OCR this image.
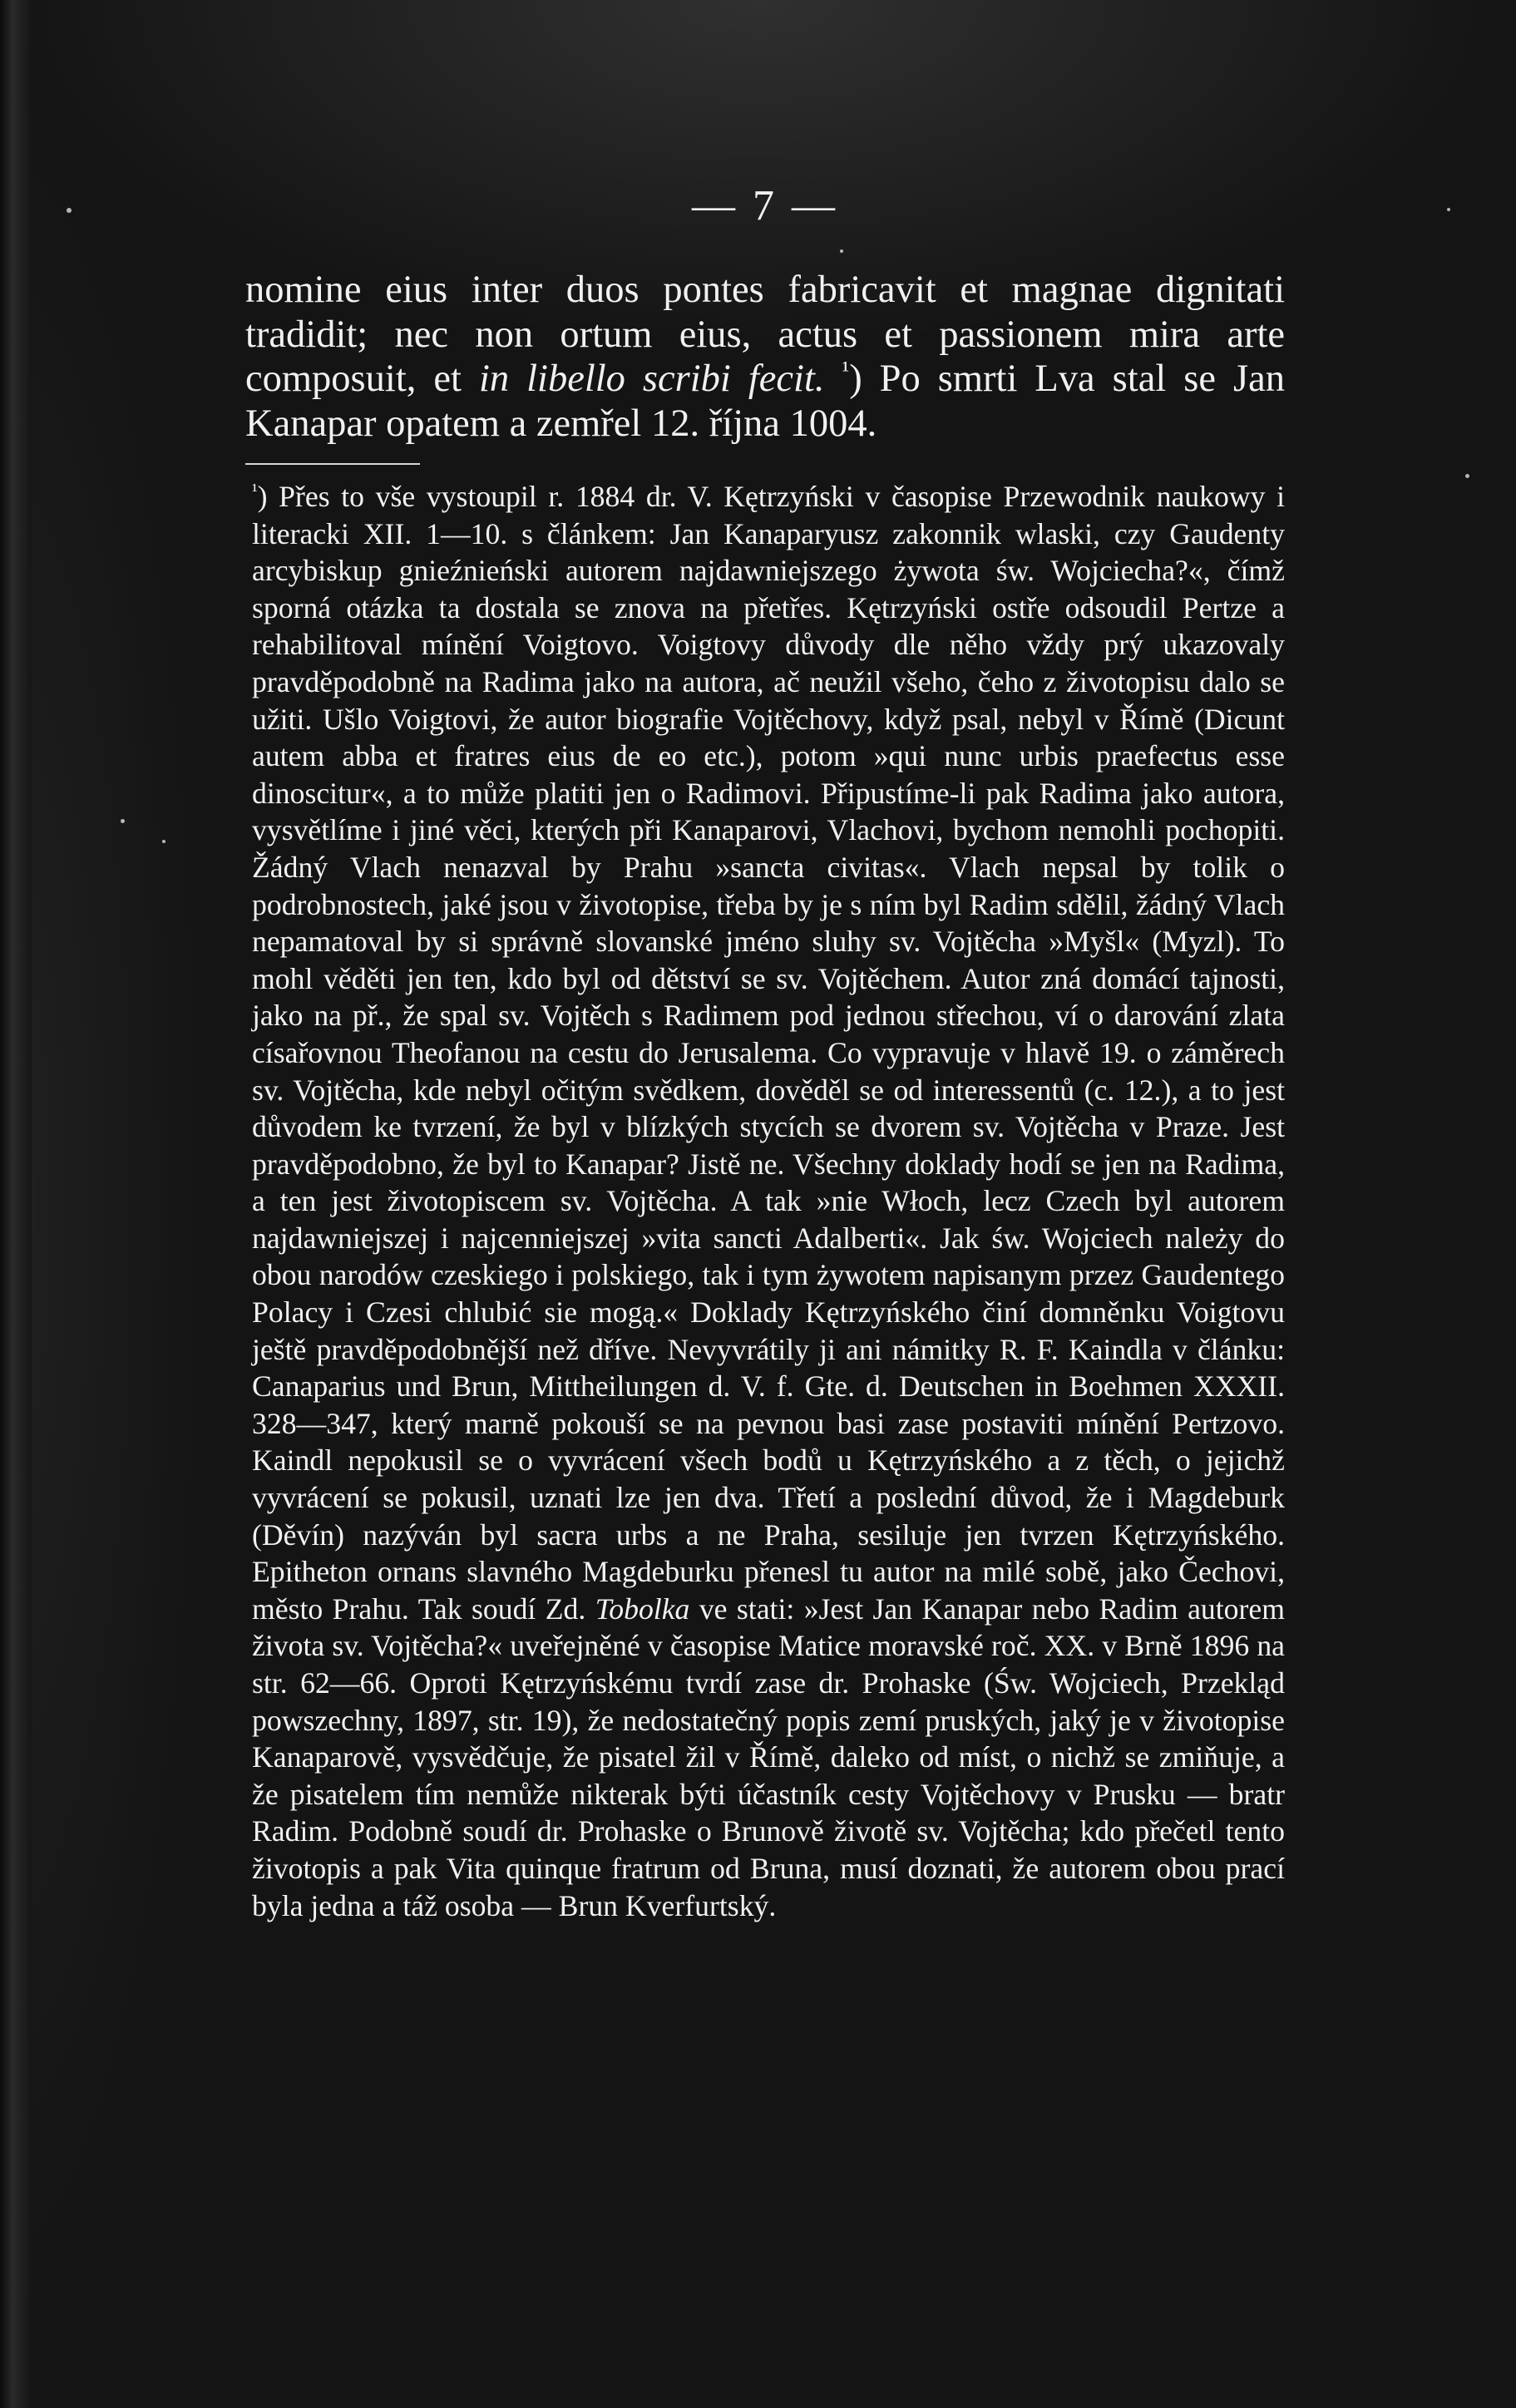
— 7 —

nomine eius inter duos pontes fabricavit et magnae dignitati tradidit; nec non ortum eius, actus et passionem mira arte composuit, et in libello scribi fecit. $^{^1}$) Po smrti Lva stal se Jan Kanapar opatem a zemřel 12. října 1004.

$^{^1}$) Přes to vše vystoupil r. 1884 dr. V. Kętrzyński v časopise Przewodnik naukowy i literacki XII. 1—10. s článkem: Jan Kanaparyusz zakonnik wlaski, czy Gaudenty arcybiskup gnieźnieński autorem najdawniejszego żywota św. Wojciecha?«, čímž sporná otázka ta dostala se znova na přetřes. Kętrzyński ostře odsoudil Pertze a rehabilitoval mínění Voigtovo. Voigtovy důvody dle něho vždy prý ukazovaly pravděpodobně na Radima jako na autora, ač neužil všeho, čeho z životopisu dalo se užiti. Ušlo Voigtovi, že autor biografie Vojtěchovy, když psal, nebyl v Římě (Dicunt autem abba et fratres eius de eo etc.), potom »qui nunc urbis praefectus esse dinoscitur«, a to může platiti jen o Radimovi. Připustíme-li pak Radima jako autora, vysvětlíme i jiné věci, kterých při Kanaparovi, Vlachovi, bychom nemohli pochopiti. Žádný Vlach nenazval by Prahu »sancta civitas«. Vlach nepsal by tolik o podrobnostech, jaké jsou v životopise, třeba by je s ním byl Radim sdělil, žádný Vlach nepamatoval by si správně slovanské jméno sluhy sv. Vojtěcha »Myšl« (Myzl). To mohl věděti jen ten, kdo byl od dětství se sv. Vojtěchem. Autor zná domácí tajnosti, jako na př., že spal sv. Vojtěch s Radimem pod jednou střechou, ví o darování zlata císařovnou Theofanou na cestu do Jerusalema. Co vypravuje v hlavě 19. o záměrech sv. Vojtěcha, kde nebyl očitým svědkem, dověděl se od interessentů (c. 12.), a to jest důvodem ke tvrzení, že byl v blízkých stycích se dvorem sv. Vojtěcha v Praze. Jest pravděpodobno, že byl to Kanapar? Jistě ne. Všechny doklady hodí se jen na Radima, a ten jest životopiscem sv. Vojtěcha. A tak »nie Włoch, lecz Czech byl autorem najdawniejszej i najcenniejszej »vita sancti Adalberti«. Jak św. Wojciech należy do obou narodów czeskiego i polskiego, tak i tym żywotem napisanym przez Gaudentego Polacy i Czesi chlubić sie mogą.« Doklady Kętrzyńského činí domněnku Voigtovu ještě pravděpodobnější než dříve. Nevyvrátily ji ani námitky R. F. Kaindla v článku: Canaparius und Brun, Mittheilungen d. V. f. Gte. d. Deutschen in Boehmen XXXII. 328—347, který marně pokouší se na pevnou basi zase postaviti mínění Pertzovo. Kaindl nepokusil se o vyvrácení všech bodů u Kętrzyńského a z těch, o jejichž vyvrácení se pokusil, uznati lze jen dva. Třetí a poslední důvod, že i Magdeburk (Děvín) nazýván byl sacra urbs a ne Praha, sesiluje jen tvrzen Kętrzyńského. Epitheton ornans slavného Magdeburku přenesl tu autor na milé sobě, jako Čechovi, město Prahu. Tak soudí Zd. Tobolka ve stati: »Jest Jan Kanapar nebo Radim autorem života sv. Vojtěcha?« uveřejněné v časopise Matice moravské roč. XX. v Brně 1896 na str. 62—66. Oproti Kętrzyńskému tvrdí zase dr. Prohaske (Św. Wojciech, Przekląd powszechny, 1897, str. 19), že nedostatečný popis zemí pruských, jaký je v životopise Kanaparově, vysvědčuje, že pisatel žil v Římě, daleko od míst, o nichž se zmiňuje, a že pisatelem tím nemůže nikterak býti účastník cesty Vojtěchovy v Prusku — bratr Radim. Podobně soudí dr. Prohaske o Brunově životě sv. Vojtěcha; kdo přečetl tento životopis a pak Vita quinque fratrum od Bruna, musí doznati, že autorem obou prací byla jedna a táž osoba — Brun Kverfurtský.
